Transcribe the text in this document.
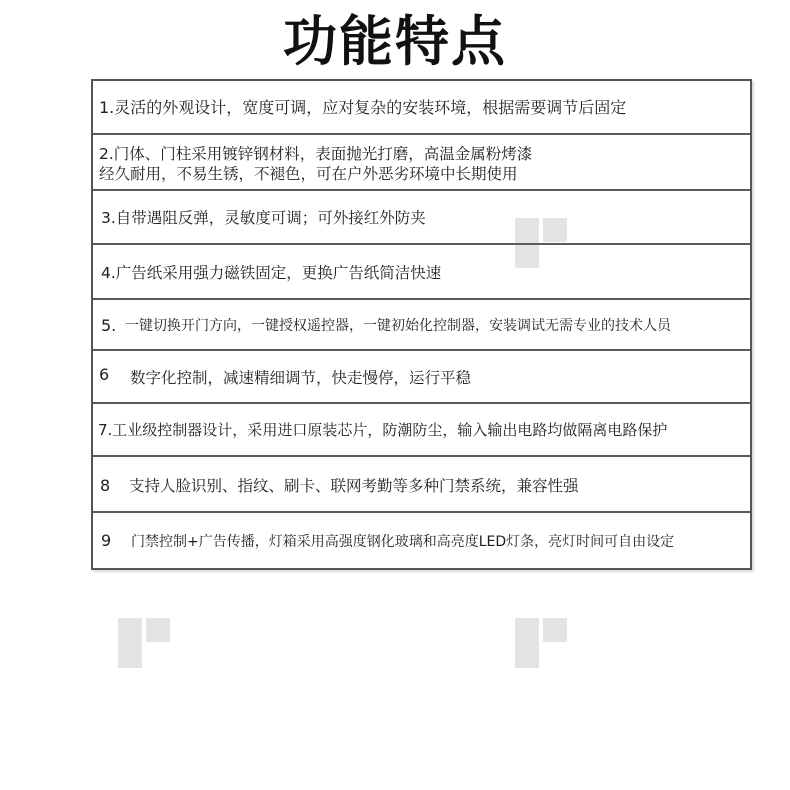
功能特点
1.灵活的外观设计，宽度可调，应对复杂的安装环境，根据需要调节后固定
2.门体、门柱采用镀锌钢材料，表面抛光打磨，高温金属粉烤漆
经久耐用，不易生锈，不褪色，可在户外恶劣环境中长期使用
3.自带遇阻反弹，灵敏度可调；可外接红外防夹
4.广告纸采用强力磁铁固定，更换广告纸简洁快速
5. 一键切换开门方向，一键授权遥控器，一键初始化控制器，安装调试无需专业的技术人员
6	数字化控制，减速精细调节，快走慢停，运行平稳
7.工业级控制器设计，采用进口原装芯片，防潮防尘，输入输出电路均做隔离电路保护
8	支持人脸识别、指纹、刷卡、联网考勤等多种门禁系统，兼容性强
9	门禁控制+广告传播，灯箱采用高强度钢化玻璃和高亮度LED灯条，亮灯时间可自由设定
